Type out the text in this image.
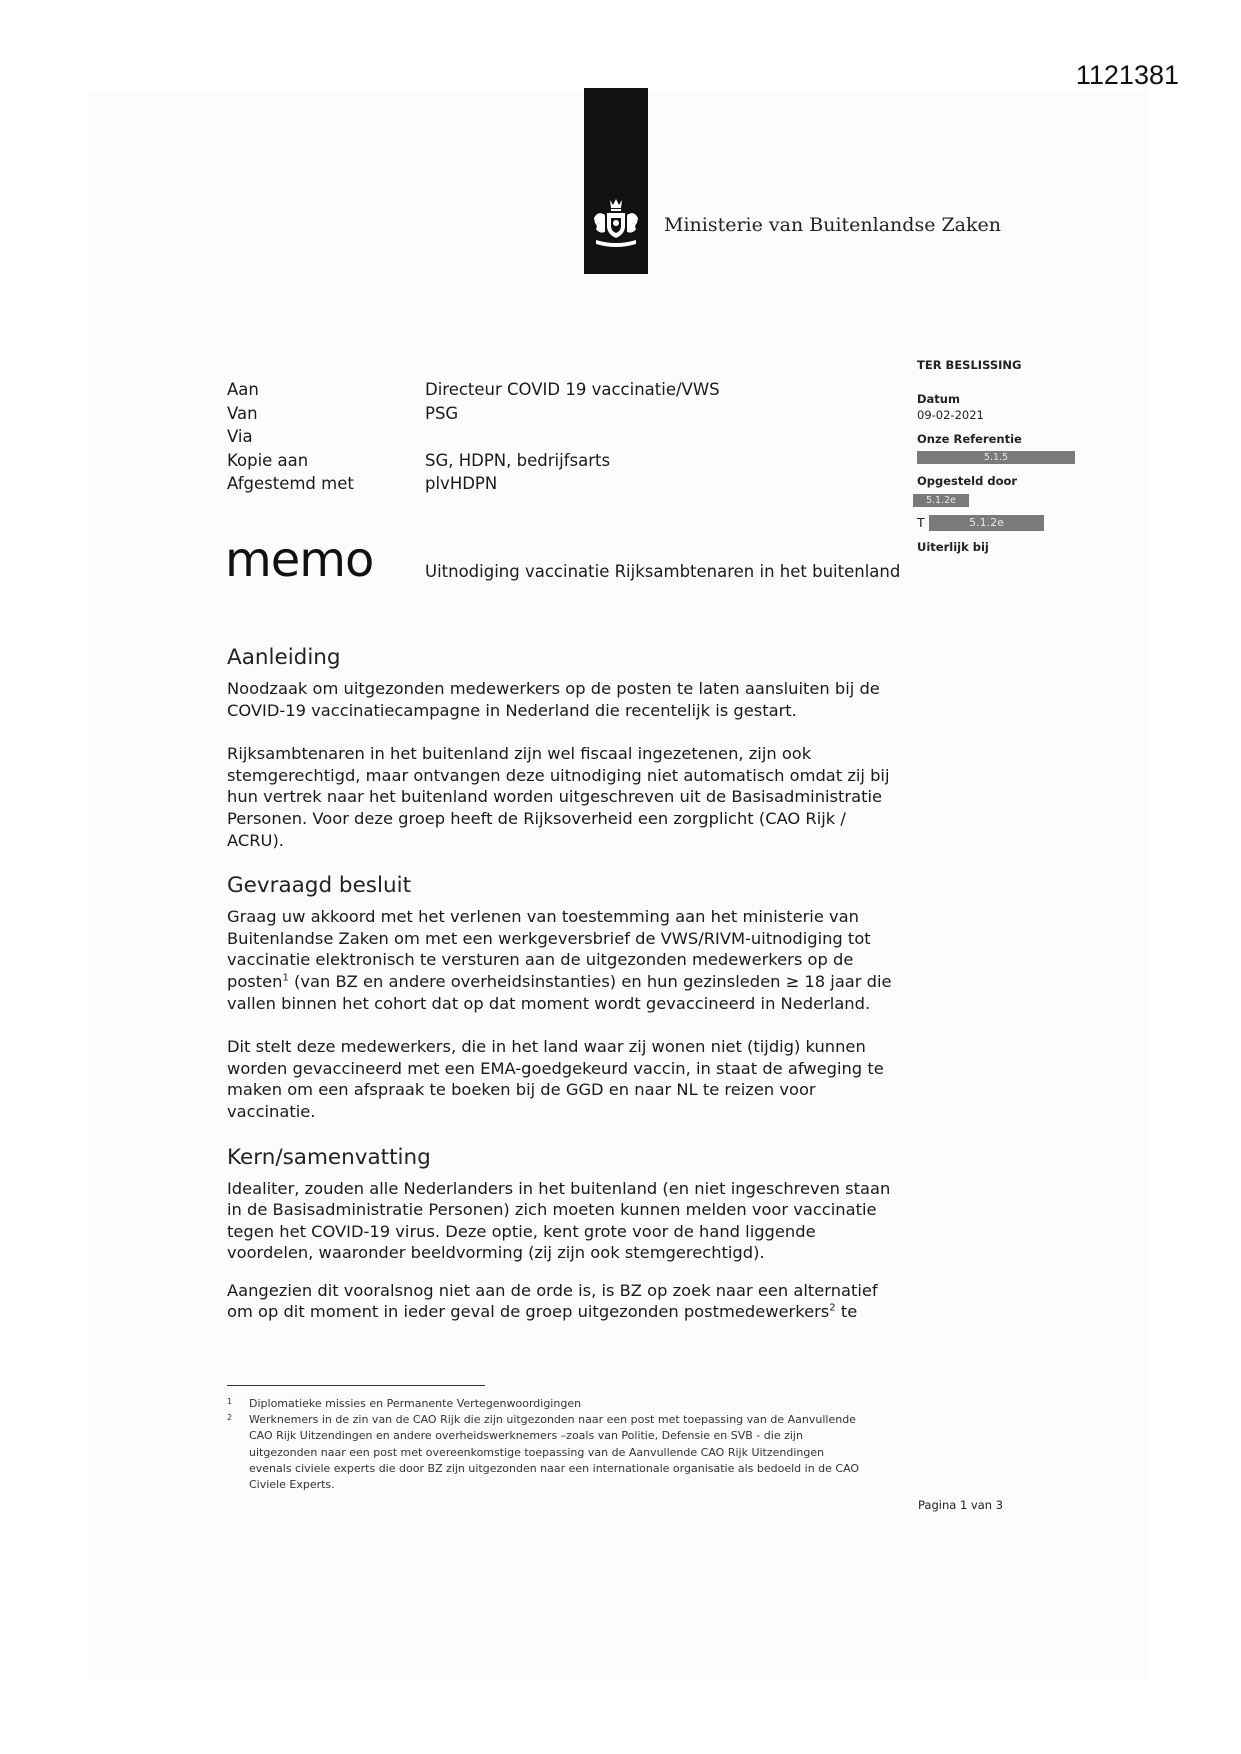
1121381
Ministerie van Buitenlandse Zaken
Aan	Directeur COVID 19 vaccinatie/VWS
Van	PSG
Via
Kopie aan	SG, HDPN, bedrijfsarts
Afgestemd met	plvHDPN
TER BESLISSING
Datum
09-02-2021
Onze Referentie
5.1.5
Opgesteld door
5.1.2e
T	5.1.2e
Uiterlijk bij
memo	Uitnodiging vaccinatie Rijksambtenaren in het buitenland
Aanleiding

Noodzaak om uitgezonden medewerkers op de posten te laten aansluiten bij de
COVID-19 vaccinatiecampagne in Nederland die recentelijk is gestart.

Rijksambtenaren in het buitenland zijn wel fiscaal ingezetenen, zijn ook
stemgerechtigd, maar ontvangen deze uitnodiging niet automatisch omdat zij bij
hun vertrek naar het buitenland worden uitgeschreven uit de Basisadministratie
Personen. Voor deze groep heeft de Rijksoverheid een zorgplicht (CAO Rijk /
ACRU).

Gevraagd besluit

Graag uw akkoord met het verlenen van toestemming aan het ministerie van
Buitenlandse Zaken om met een werkgeversbrief de VWS/RIVM-uitnodiging tot
vaccinatie elektronisch te versturen aan de uitgezonden medewerkers op de
posten$^1$ (van BZ en andere overheidsinstanties) en hun gezinsleden ≥ 18 jaar die
vallen binnen het cohort dat op dat moment wordt gevaccineerd in Nederland.

Dit stelt deze medewerkers, die in het land waar zij wonen niet (tijdig) kunnen
worden gevaccineerd met een EMA-goedgekeurd vaccin, in staat de afweging te
maken om een afspraak te boeken bij de GGD en naar NL te reizen voor
vaccinatie.

Kern/samenvatting

Idealiter, zouden alle Nederlanders in het buitenland (en niet ingeschreven staan
in de Basisadministratie Personen) zich moeten kunnen melden voor vaccinatie
tegen het COVID-19 virus. Deze optie, kent grote voor de hand liggende
voordelen, waaronder beeldvorming (zij zijn ook stemgerechtigd).

Aangezien dit vooralsnog niet aan de orde is, is BZ op zoek naar een alternatief
om op dit moment in ieder geval de groep uitgezonden postmedewerkers$^2$ te

1 Diplomatieke missies en Permanente Vertegenwoordigingen
2 Werknemers in de zin van de CAO Rijk die zijn uitgezonden naar een post met toepassing van de Aanvullende
CAO Rijk Uitzendingen en andere overheidswerknemers –zoals van Politie, Defensie en SVB - die zijn
uitgezonden naar een post met overeenkomstige toepassing van de Aanvullende CAO Rijk Uitzendingen
evenals civiele experts die door BZ zijn uitgezonden naar een internationale organisatie als bedoeld in de CAO
Civiele Experts.
Pagina 1 van 3
